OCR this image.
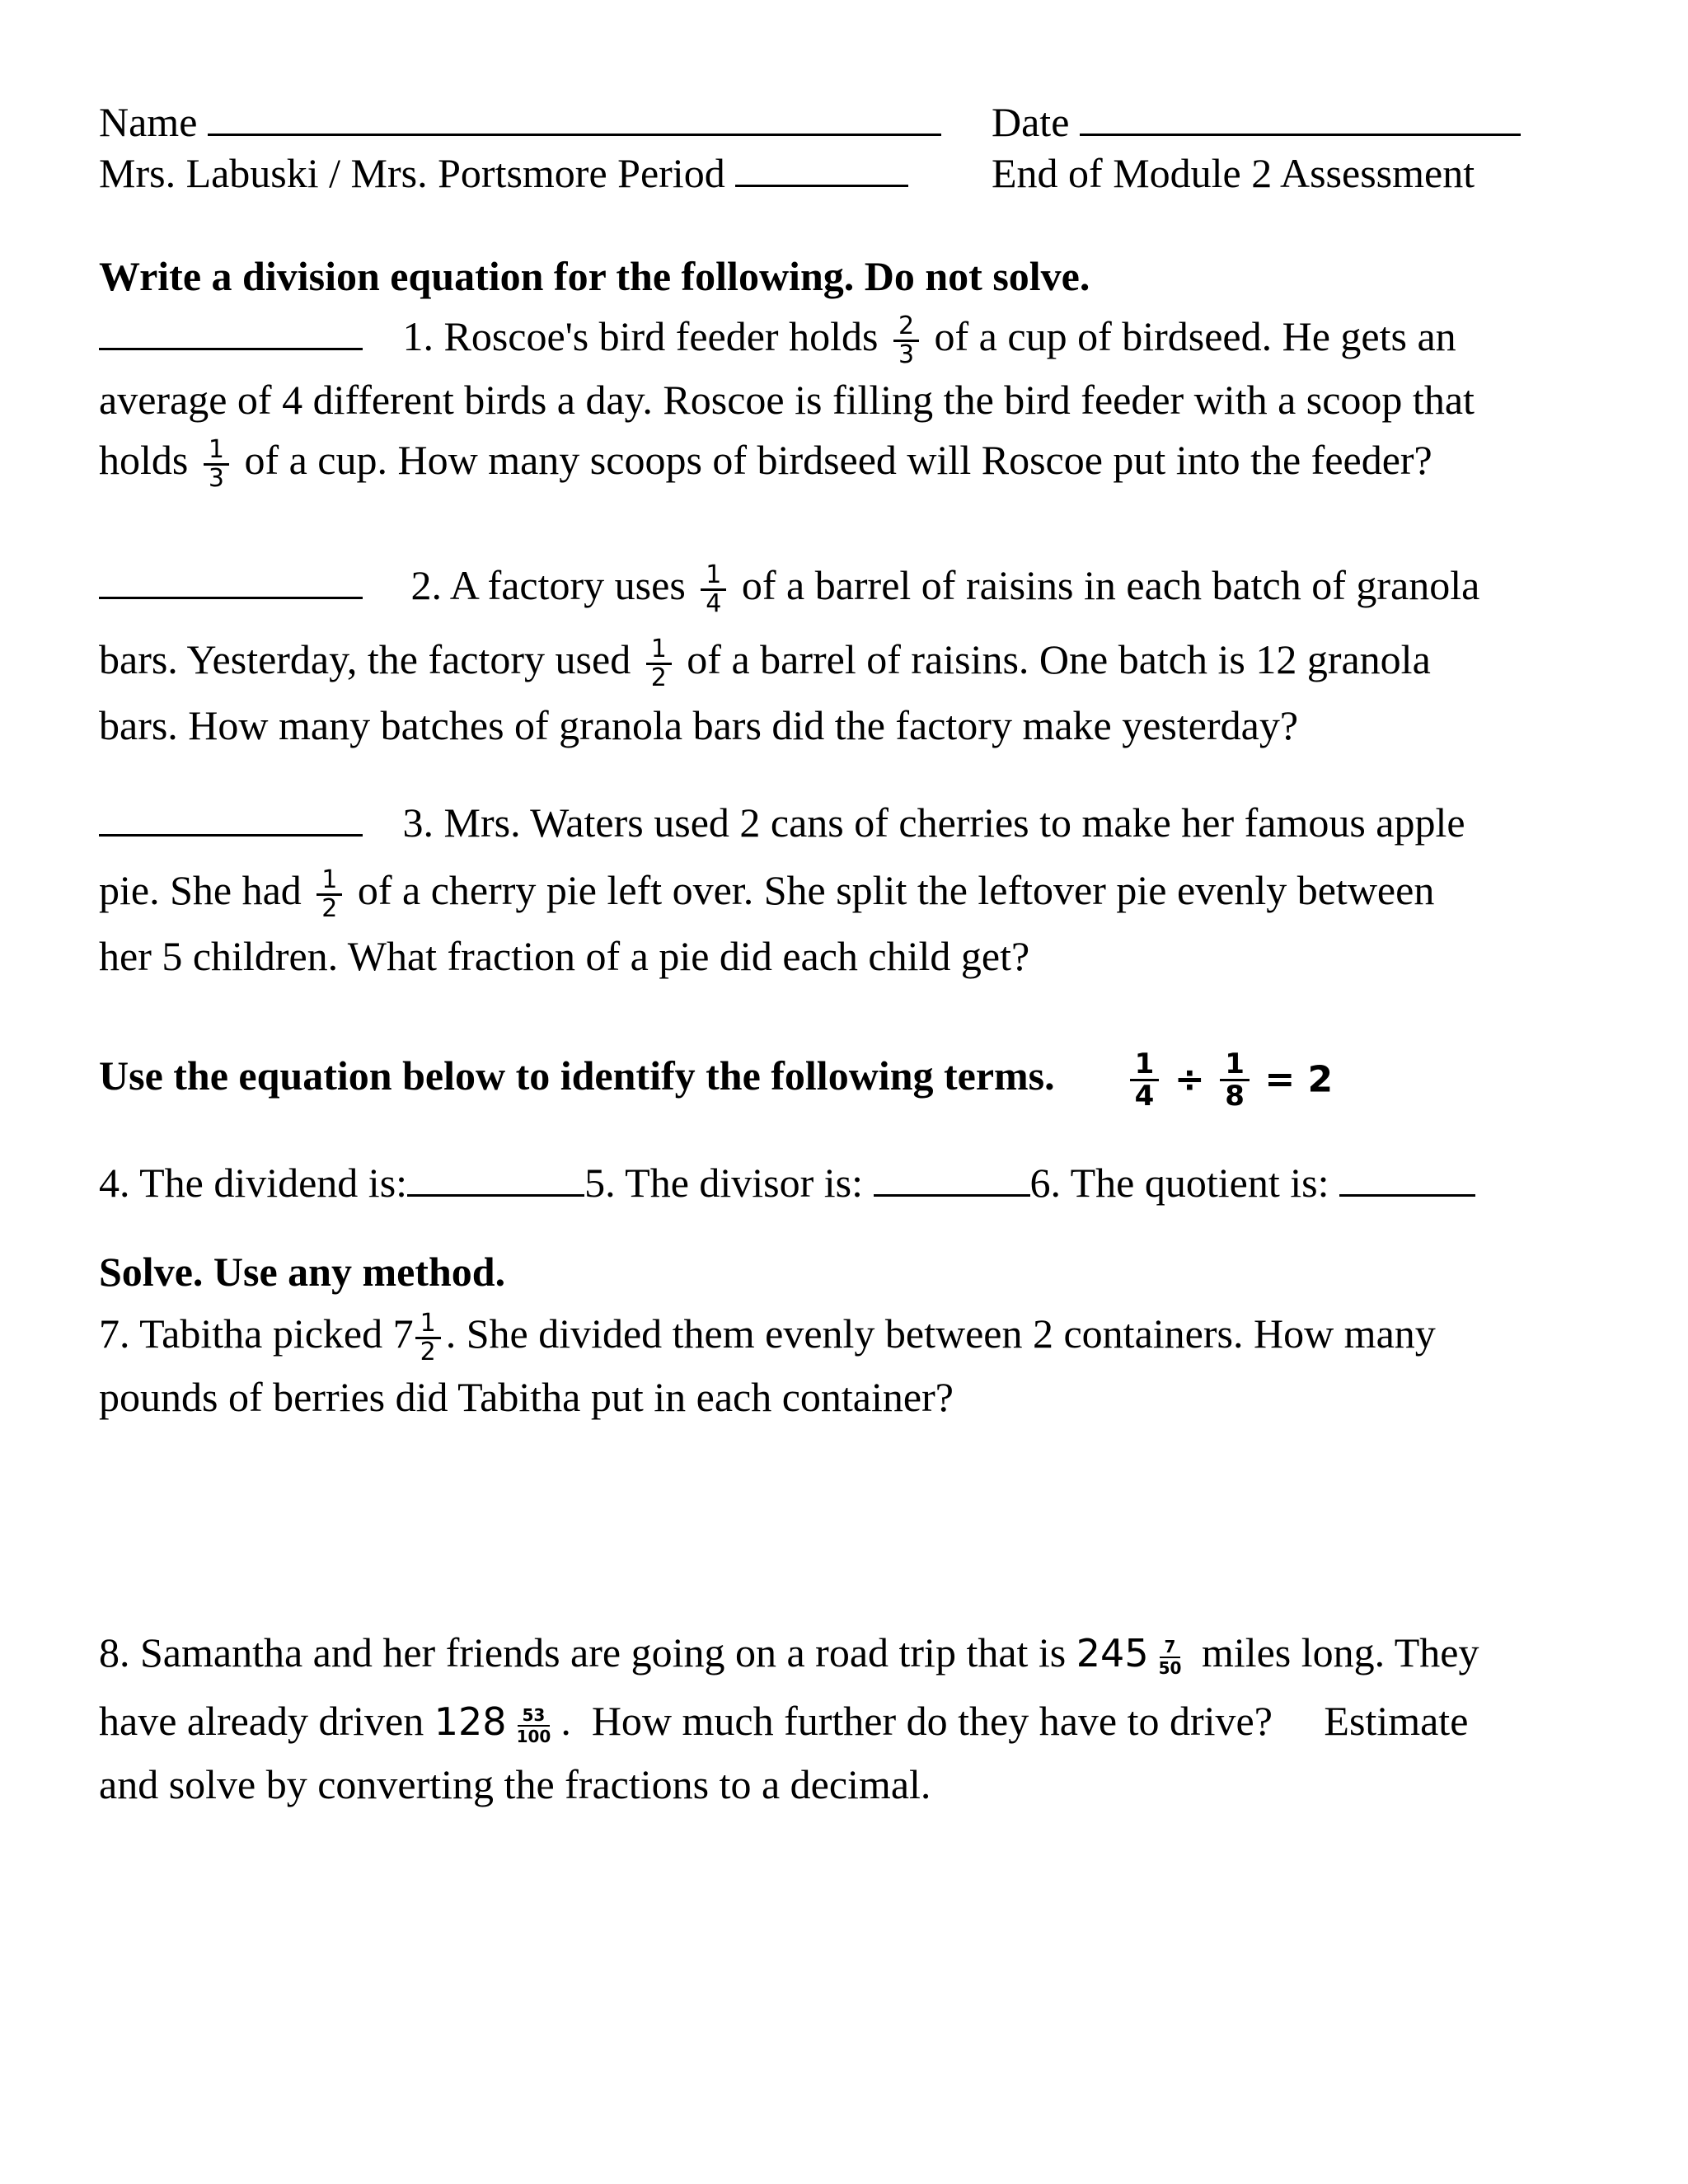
Name	Date
Mrs. Labuski / Mrs. Portsmore Period	End of Module 2 Assessment
Write a division equation for the following. Do not solve.
1. Roscoe's bird feeder holds $\frac{2}{3}$ of a cup of birdseed. He gets an
average of 4 different birds a day. Roscoe is filling the bird feeder with a scoop that
holds $\frac{1}{3}$ of a cup. How many scoops of birdseed will Roscoe put into the feeder?
2. A factory uses $\frac{1}{4}$ of a barrel of raisins in each batch of granola
bars. Yesterday, the factory used $\frac{1}{2}$ of a barrel of raisins. One batch is 12 granola
bars. How many batches of granola bars did the factory make yesterday?
3. Mrs. Waters used 2 cans of cherries to make her famous apple
pie. She had $\frac{1}{2}$ of a cherry pie left over. She split the leftover pie evenly between
her 5 children. What fraction of a pie did each child get?
Use the equation below to identify the following terms.	$\frac{1}{4} \div \frac{1}{8} = 2$
4. The dividend is:	5. The divisor is:	6. The quotient is:
Solve. Use any method.
7. Tabitha picked $7 \frac{1}{2}$ . She divided them evenly between 2 containers. How many
pounds of berries did Tabitha put in each container?
8. Samantha and her friends are going on a road trip that is $245 \frac{7}{50}$ miles long. They
have already driven $128 \frac{53}{100}$ .  How much further do they have to drive?     Estimate
and solve by converting the fractions to a decimal.
